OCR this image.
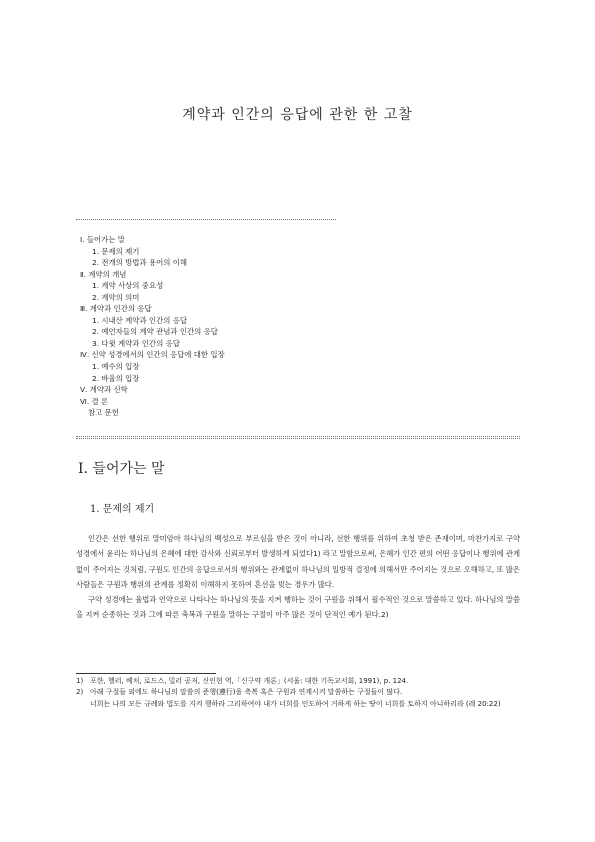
계약과 인간의 응답에 관한 한 고찰
Ⅰ. 들어가는 말
1. 문제의 제기
2. 전개의 방법과 용어의 이해
Ⅱ. 계약의 개념
1. 계약 사상의 중요성
2. 계약의 의미
Ⅲ. 계약과 인간의 응답
1. 시내산 계약과 인간의 응답
2. 예언자들의 계약 관념과 인간의 응답
3. 다윗 계약과 인간의 응답
Ⅳ. 신약 성경에서의 인간의 응답에 대한 입장
1. 예수의 입장
2. 바울의 입장
Ⅴ. 계약과 신학
Ⅵ. 결 론
참고 문헌
Ⅰ. 들어가는 말
1. 문제의 제기

인간은 선한 행위로 말미암아 하나님의 백성으로 부르심을 받은 것이 아니라, 선한 행위를 위하여 초청 받은 존재이며, 마찬가지로 구약 성경에서 윤리는 하나님의 은혜에 대한 감사와 신뢰로부터 발생하게 되었다1) 라고 말함으로써, 은혜가 인간 편의 어떤 응답이나 행위에 관계없이 주어지는 것처럼, 구원도 인간의 응답으로서의 행위와는 관계없이 하나님의 일방적 결정에 의해서만 주어지는 것으로 오해하고, 또 많은 사람들은 구원과 행위의 관계를 정확히 이해하지 못하여 혼선을 빚는 경우가 많다.

구약 성경에는 율법과 언약으로 나타나는 하나님의 뜻을 지켜 행하는 것이 구원을 위해서 필수적인 것으로 말씀하고 있다. 하나님의 말씀을 지켜 순종하는 것과 그에 따른 축복과 구원을 말하는 구절이 아주 많은 것이 단적인 예가 된다.2)

1) 포한, 헬러, 베처, 로드스, 밀러 공저, 신인현 역,「신구약 개론」(서울: 대한 기독교서회, 1991), p. 124.
2) 아래 구절들 외에도 하나님의 말씀의 준행(遵行)을 축복 혹은 구원과 연계시켜 말씀하는 구절들이 많다.
너희는 나의 모든 규례와 법도를 지켜 행하라 그리하여야 내가 너희를 인도하여 거하게 하는 땅이 너희를 토하지 아니하리라 (레 20:22)
